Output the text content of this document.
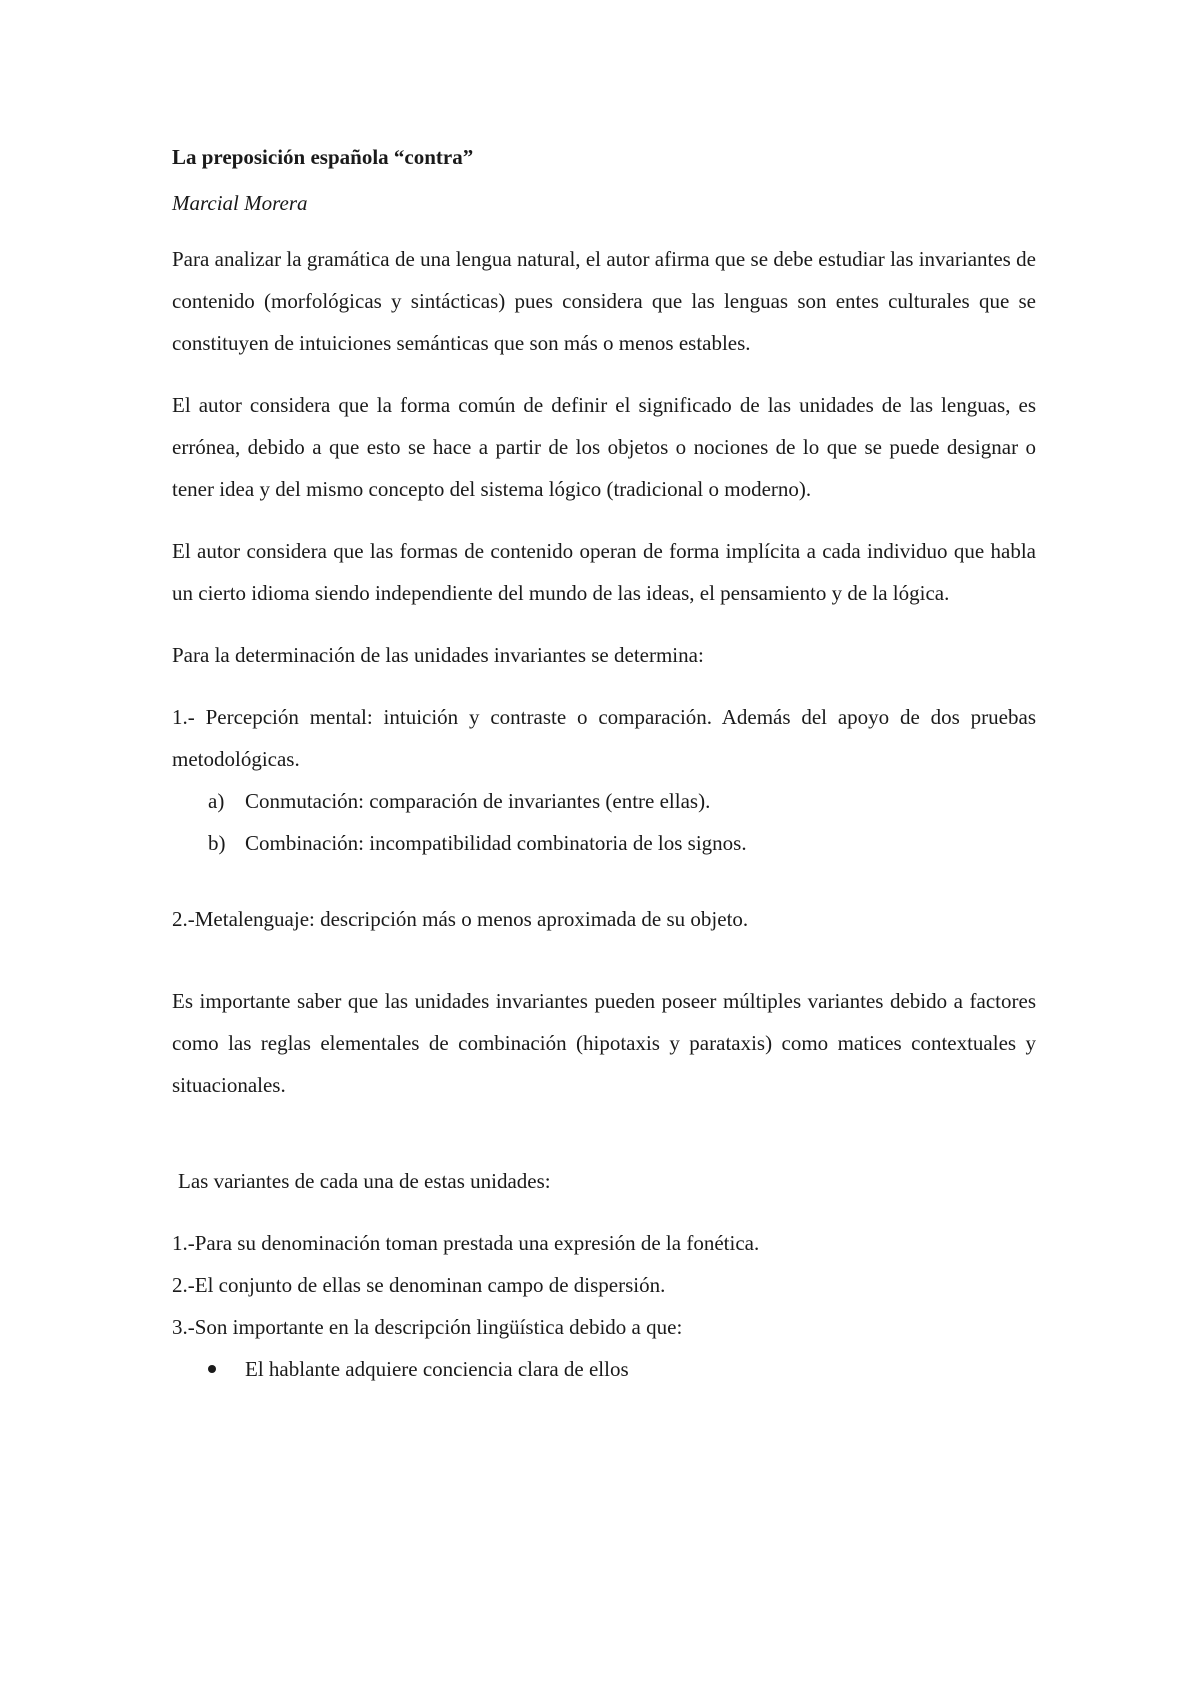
La preposición española “contra”
Marcial Morera

Para analizar la gramática de una lengua natural, el autor afirma que se debe estudiar las invariantes de contenido (morfológicas y sintácticas) pues considera que las lenguas son entes culturales que se constituyen de intuiciones semánticas que son más o menos estables.

El autor considera que la forma común de definir el significado de las unidades de las lenguas, es errónea, debido a que esto se hace a partir de los objetos o nociones de lo que se puede designar o tener idea y del mismo concepto del sistema lógico (tradicional o moderno).

El autor considera que las formas de contenido operan de forma implícita a cada individuo que habla un cierto idioma siendo independiente del mundo de las ideas, el pensamiento y de la lógica.

Para la determinación de las unidades invariantes se determina:

1.- Percepción mental: intuición y contraste o comparación. Además del apoyo de dos pruebas metodológicas.

a) Conmutación: comparación de invariantes (entre ellas).
b) Combinación: incompatibilidad combinatoria de los signos.

2.-Metalenguaje: descripción más o menos aproximada de su objeto.

Es importante saber que las unidades invariantes pueden poseer múltiples variantes debido a factores como las reglas elementales de combinación (hipotaxis y parataxis) como matices contextuales y situacionales.

Las variantes de cada una de estas unidades:

1.-Para su denominación toman prestada una expresión de la fonética.
2.-El conjunto de ellas se denominan campo de dispersión.
3.-Son importante en la descripción lingüística debido a que:
El hablante adquiere conciencia clara de ellos
